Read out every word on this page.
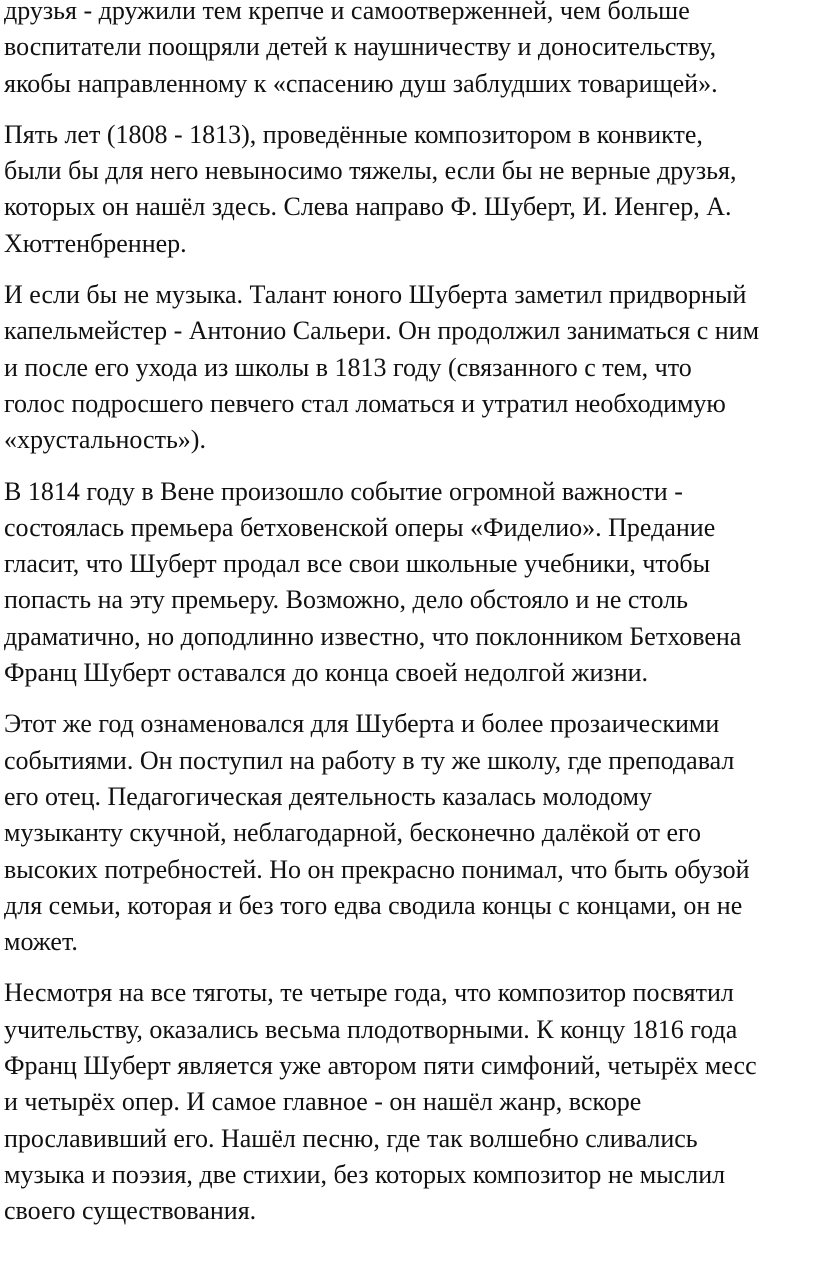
друзья - дружили тем крепче и самоотверженней, чем больше
воспитатели поощряли детей к наушничеству и доносительству,
якобы направленному к «спасению душ заблудших товарищей».
Пять лет (1808 - 1813), проведённые композитором в конвикте,
были бы для него невыносимо тяжелы, если бы не верные друзья,
которых он нашёл здесь. Слева направо Ф. Шуберт, И. Иенгер, А.
Хюттенбреннер.
И если бы не музыка. Талант юного Шуберта заметил придворный
капельмейстер - Антонио Сальери. Он продолжил заниматься с ним
и после его ухода из школы в 1813 году (связанного с тем, что
голос подросшего певчего стал ломаться и утратил необходимую
«хрустальность»).
В 1814 году в Вене произошло событие огромной важности -
состоялась премьера бетховенской оперы «Фиделио». Предание
гласит, что Шуберт продал все свои школьные учебники, чтобы
попасть на эту премьеру. Возможно, дело обстояло и не столь
драматично, но доподлинно известно, что поклонником Бетховена
Франц Шуберт оставался до конца своей недолгой жизни.
Этот же год ознаменовался для Шуберта и более прозаическими
событиями. Он поступил на работу в ту же школу, где преподавал
его отец. Педагогическая деятельность казалась молодому
музыканту скучной, неблагодарной, бесконечно далёкой от его
высоких потребностей. Но он прекрасно понимал, что быть обузой
для семьи, которая и без того едва сводила концы с концами, он не
может.
Несмотря на все тяготы, те четыре года, что композитор посвятил
учительству, оказались весьма плодотворными. К концу 1816 года
Франц Шуберт является уже автором пяти симфоний, четырёх месс
и четырёх опер. И самое главное - он нашёл жанр, вскоре
прославивший его. Нашёл песню, где так волшебно сливались
музыка и поэзия, две стихии, без которых композитор не мыслил
своего существования.
